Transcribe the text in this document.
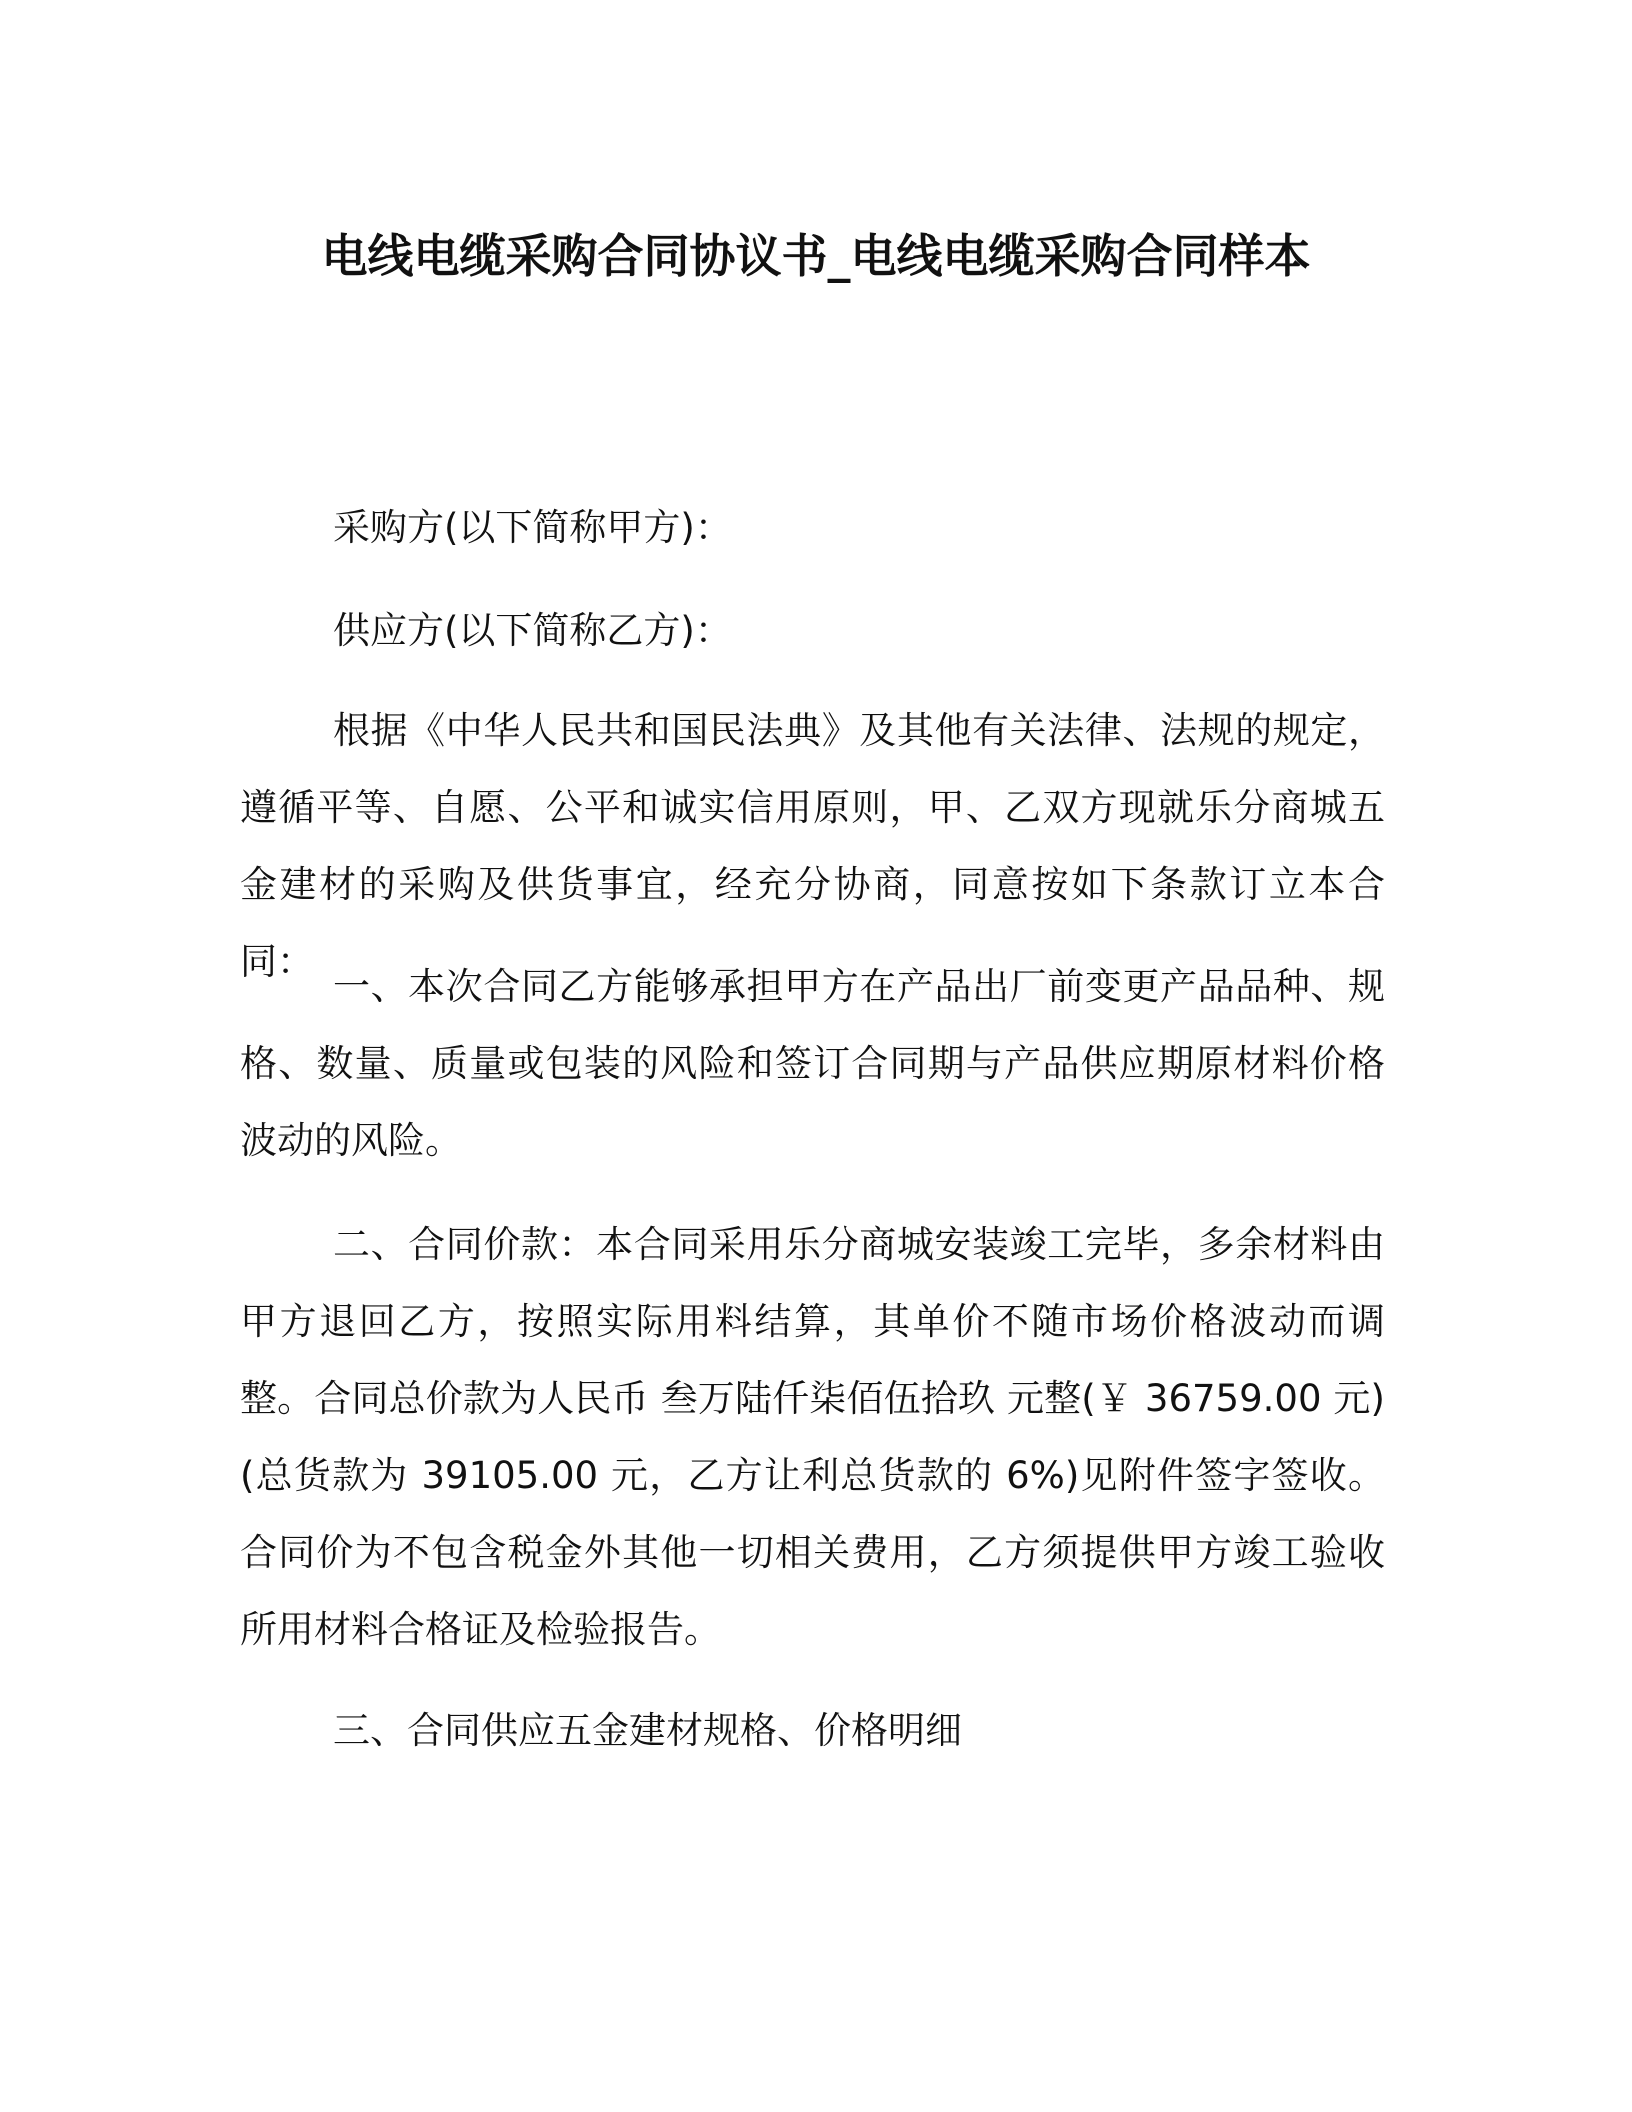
电线电缆采购合同协议书_电线电缆采购合同样本
采购方(以下简称甲方)：
供应方(以下简称乙方)：

根据《中华人民共和国民法典》及其他有关法律、法规的规定，遵循平等、自愿、公平和诚实信用原则，甲、乙双方现就乐分商城五金建材的采购及供货事宜，经充分协商，同意按如下条款订立本合同：

一、本次合同乙方能够承担甲方在产品出厂前变更产品品种、规格、数量、质量或包装的风险和签订合同期与产品供应期原材料价格波动的风险。

二、合同价款：本合同采用乐分商城安装竣工完毕，多余材料由甲方退回乙方，按照实际用料结算，其单价不随市场价格波动而调整。合同总价款为人民币 叁万陆仟柒佰伍拾玖 元整(￥ 36759.00 元)(总货款为 39105.00 元，乙方让利总货款的 6%)见附件签字签收。合同价为不包含税金外其他一切相关费用，乙方须提供甲方竣工验收所用材料合格证及检验报告。

三、合同供应五金建材规格、价格明细
